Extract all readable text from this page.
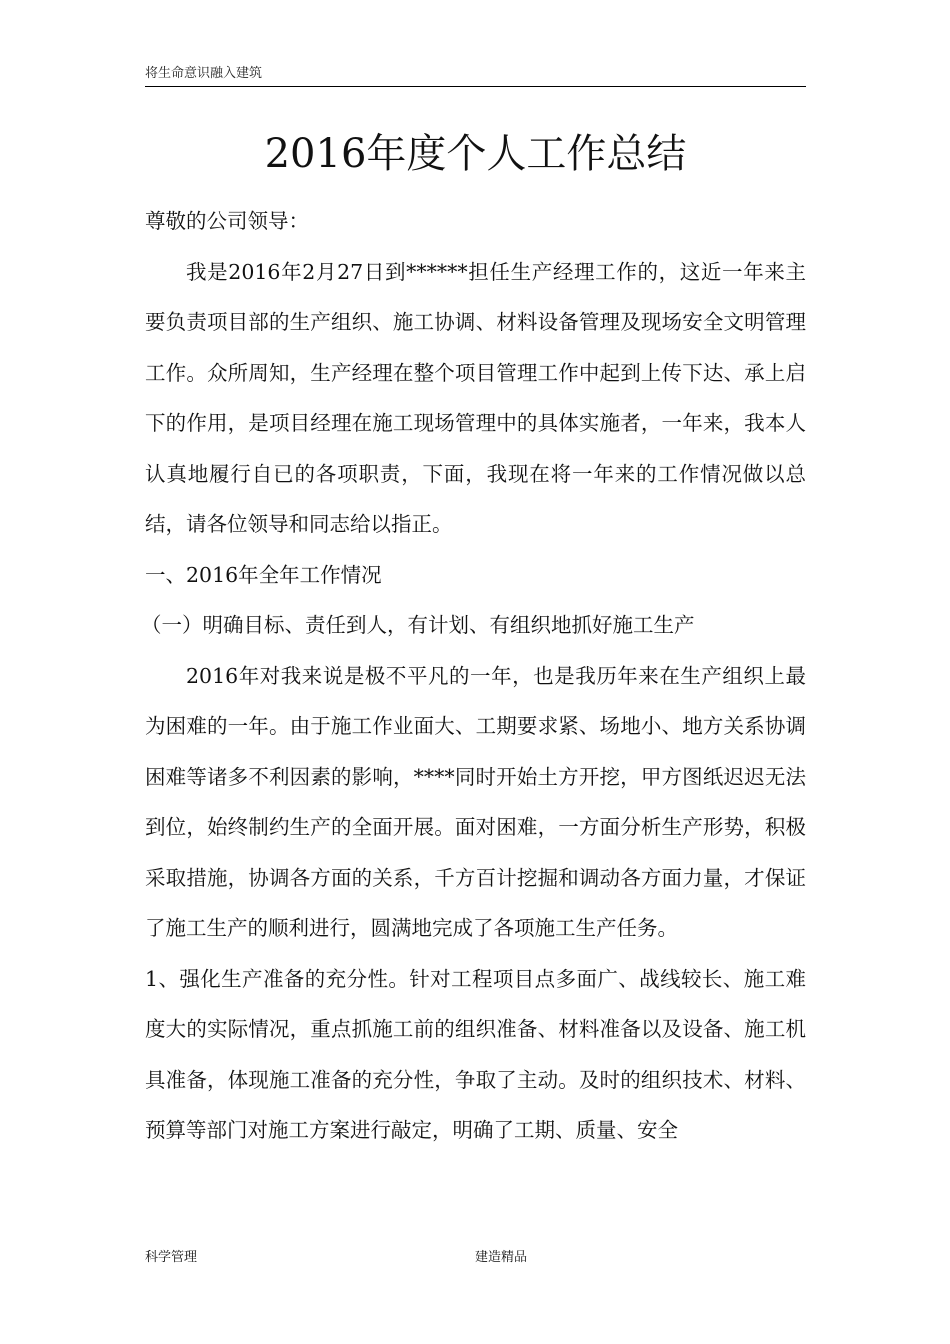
将生命意识融入建筑
2016年度个人工作总结

尊敬的公司领导：

我是2016年2月27日到******担任生产经理工作的，这近一年来主要负责项目部的生产组织、施工协调、材料设备管理及现场安全文明管理工作。众所周知，生产经理在整个项目管理工作中起到上传下达、承上启下的作用，是项目经理在施工现场管理中的具体实施者，一年来，我本人认真地履行自已的各项职责，下面，我现在将一年来的工作情况做以总结，请各位领导和同志给以指正。

一、2016年全年工作情况

（一）明确目标、责任到人，有计划、有组织地抓好施工生产

2016年对我来说是极不平凡的一年，也是我历年来在生产组织上最为困难的一年。由于施工作业面大、工期要求紧、场地小、地方关系协调困难等诸多不利因素的影响，****同时开始土方开挖，甲方图纸迟迟无法到位，始终制约生产的全面开展。面对困难，一方面分析生产形势，积极采取措施，协调各方面的关系，千方百计挖掘和调动各方面力量，才保证了施工生产的顺利进行，圆满地完成了各项施工生产任务。

1、强化生产准备的充分性。针对工程项目点多面广、战线较长、施工难度大的实际情况，重点抓施工前的组织准备、材料准备以及设备、施工机具准备，体现施工准备的充分性，争取了主动。及时的组织技术、材料、预算等部门对施工方案进行敲定，明确了工期、质量、安全

科学管理	建造精品
